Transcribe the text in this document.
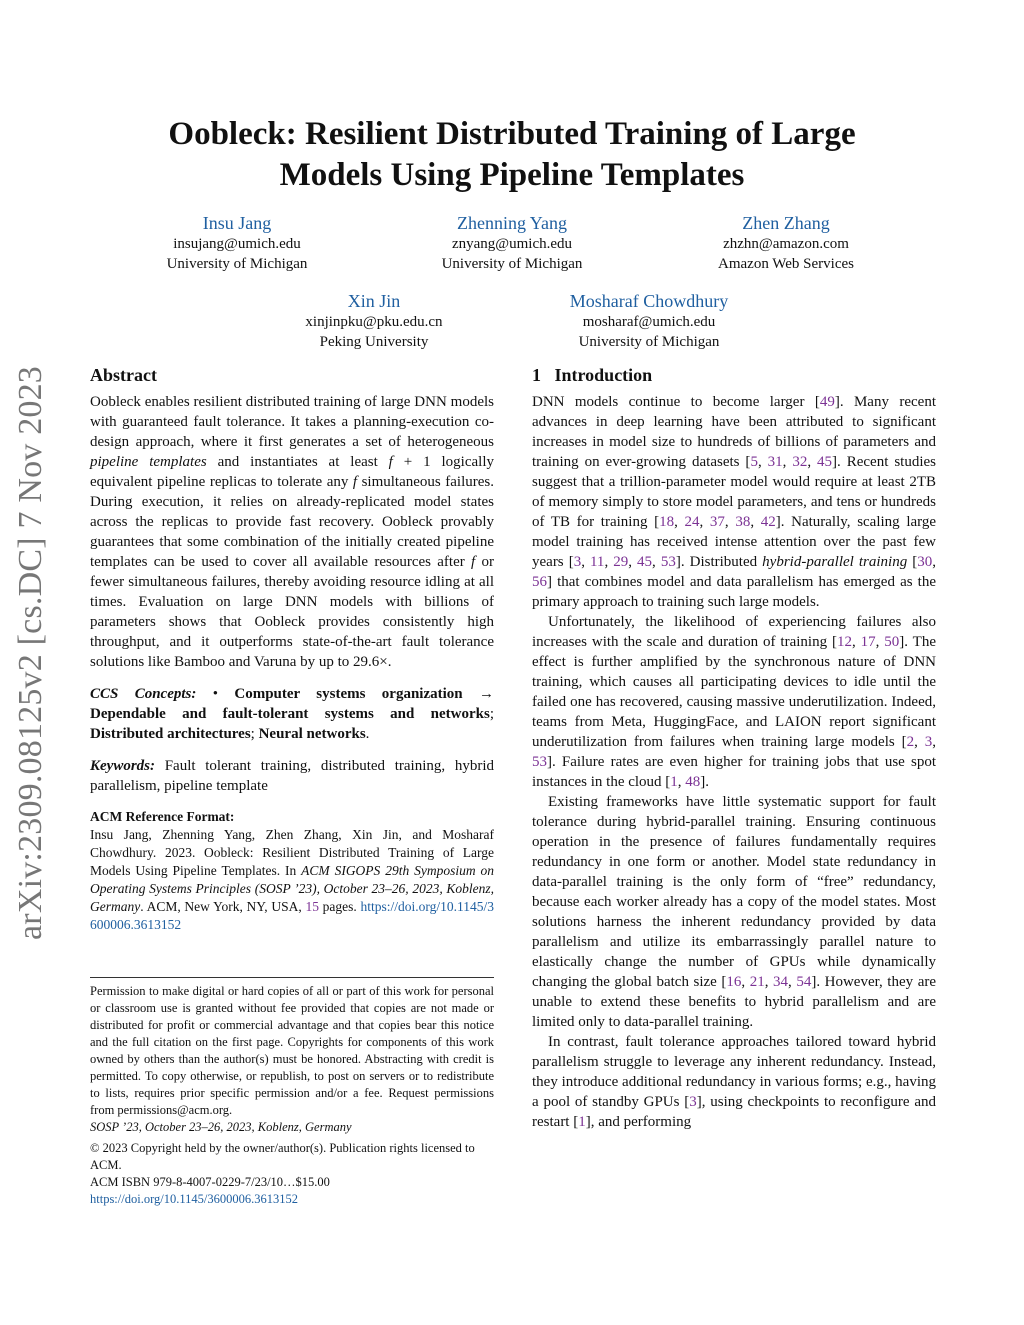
arXiv:2309.08125v2 [cs.DC] 7 Nov 2023
Oobleck: Resilient Distributed Training of Large
Models Using Pipeline Templates
Insu Jang
insujang@umich.edu
University of Michigan
Zhenning Yang
znyang@umich.edu
University of Michigan
Zhen Zhang
zhzhn@amazon.com
Amazon Web Services
Xin Jin
xinjinpku@pku.edu.cn
Peking University
Mosharaf Chowdhury
mosharaf@umich.edu
University of Michigan
Abstract

Oobleck enables resilient distributed training of large DNN models with guaranteed fault tolerance. It takes a planning-execution co-design approach, where it first generates a set of heterogeneous pipeline templates and instantiates at least f + 1 logically equivalent pipeline replicas to tolerate any f simultaneous failures. During execution, it relies on already-replicated model states across the replicas to provide fast recovery. Oobleck provably guarantees that some combination of the initially created pipeline templates can be used to cover all available resources after f or fewer simultaneous failures, thereby avoiding resource idling at all times. Evaluation on large DNN models with billions of parameters shows that Oobleck provides consistently high throughput, and it outperforms state-of-the-art fault tolerance solutions like Bamboo and Varuna by up to 29.6×.

CCS Concepts: • Computer systems organization → Dependable and fault-tolerant systems and networks; Distributed architectures; Neural networks.

Keywords: Fault tolerant training, distributed training, hybrid parallelism, pipeline template

ACM Reference Format:
Insu Jang, Zhenning Yang, Zhen Zhang, Xin Jin, and Mosharaf Chowdhury. 2023. Oobleck: Resilient Distributed Training of Large Models Using Pipeline Templates. In ACM SIGOPS 29th Symposium on Operating Systems Principles (SOSP ’23), October 23–26, 2023, Koblenz, Germany. ACM, New York, NY, USA, 15 pages. https://doi.org/10.1145/3600006.3613152

Permission to make digital or hard copies of all or part of this work for personal or classroom use is granted without fee provided that copies are not made or distributed for profit or commercial advantage and that copies bear this notice and the full citation on the first page. Copyrights for components of this work owned by others than the author(s) must be honored. Abstracting with credit is permitted. To copy otherwise, or republish, to post on servers or to redistribute to lists, requires prior specific permission and/or a fee. Request permissions from permissions@acm.org.

SOSP ’23, October 23–26, 2023, Koblenz, Germany

© 2023 Copyright held by the owner/author(s). Publication rights licensed to ACM.

ACM ISBN 979-8-4007-0229-7/23/10…$15.00

https://doi.org/10.1145/3600006.3613152

1   Introduction

DNN models continue to become larger [49]. Many recent advances in deep learning have been attributed to significant increases in model size to hundreds of billions of parameters and training on ever-growing datasets [5, 31, 32, 45]. Recent studies suggest that a trillion-parameter model would require at least 2TB of memory simply to store model parameters, and tens or hundreds of TB for training [18, 24, 37, 38, 42]. Naturally, scaling large model training has received intense attention over the past few years [3, 11, 29, 45, 53]. Distributed hybrid-parallel training [30, 56] that combines model and data parallelism has emerged as the primary approach to training such large models.

Unfortunately, the likelihood of experiencing failures also increases with the scale and duration of training [12, 17, 50]. The effect is further amplified by the synchronous nature of DNN training, which causes all participating devices to idle until the failed one has recovered, causing massive underutilization. Indeed, teams from Meta, HuggingFace, and LAION report significant underutilization from failures when training large models [2, 3, 53]. Failure rates are even higher for training jobs that use spot instances in the cloud [1, 48].

Existing frameworks have little systematic support for fault tolerance during hybrid-parallel training. Ensuring continuous operation in the presence of failures fundamentally requires redundancy in one form or another. Model state redundancy in data-parallel training is the only form of “free” redundancy, because each worker already has a copy of the model states. Most solutions harness the inherent redundancy provided by data parallelism and utilize its embarrassingly parallel nature to elastically change the number of GPUs while dynamically changing the global batch size [16, 21, 34, 54]. However, they are unable to extend these benefits to hybrid parallelism and are limited only to data-parallel training.

In contrast, fault tolerance approaches tailored toward hybrid parallelism struggle to leverage any inherent redundancy. Instead, they introduce additional redundancy in various forms; e.g., having a pool of standby GPUs [3], using checkpoints to reconfigure and restart [1], and performing
